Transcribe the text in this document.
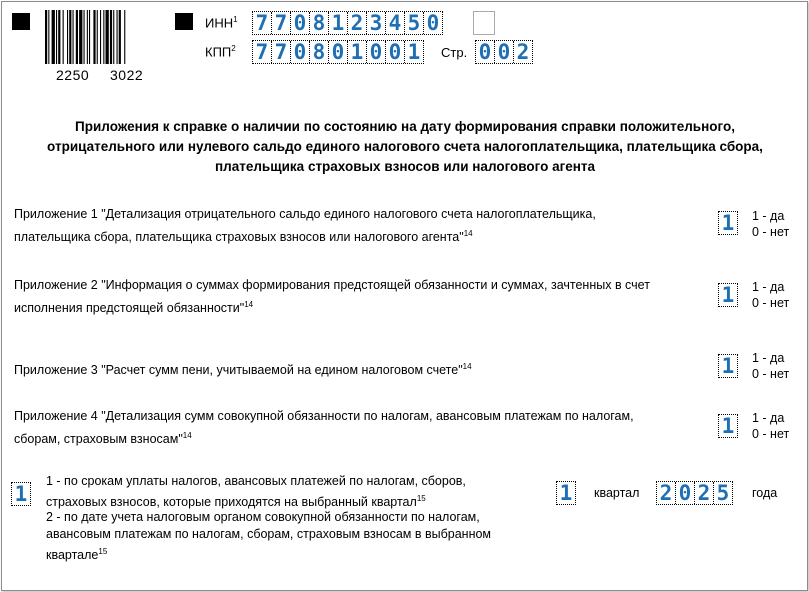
2250 3022
ИНН$^1$ 7 7 0 8 1 2 3 4 5 0
КПП$^2$ 7 7 0 8 0 1 0 0 1 Стр. 0 0 2
Приложения к справке о наличии по состоянию на дату формирования справки положительного, отрицательного или нулевого сальдо единого налогового счета налогоплательщика, плательщика сбора, плательщика страховых взносов или налогового агента
Приложение 1 "Детализация отрицательного сальдо единого налогового счета налогоплательщика,
плательщика сбора, плательщика страховых взносов или налогового агента"$^{14}$	1 1 - да
0 - нет
Приложение 2 "Информация о суммах формирования предстоящей обязанности и суммах, зачтенных в счет
исполнения предстоящей обязанности"$^{14}$	1 1 - да
0 - нет
Приложение 3 "Расчет сумм пени, учитываемой на едином налоговом счете"$^{14}$	1 1 - да
0 - нет
Приложение 4 "Детализация сумм совокупной обязанности по налогам, авансовым платежам по налогам,
сборам, страховым взносам"$^{14}$	1 1 - да
0 - нет
1
1 - по срокам уплаты налогов, авансовых платежей по налогам, сборов,
страховых взносов, которые приходятся на выбранный квартал$^{15}$
2 - по дате учета налоговым органом совокупной обязанности по налогам,
авансовым платежам по налогам, сборам, страховым взносам в выбранном
квартале$^{15}$
1 квартал 2 0 2 5 года
